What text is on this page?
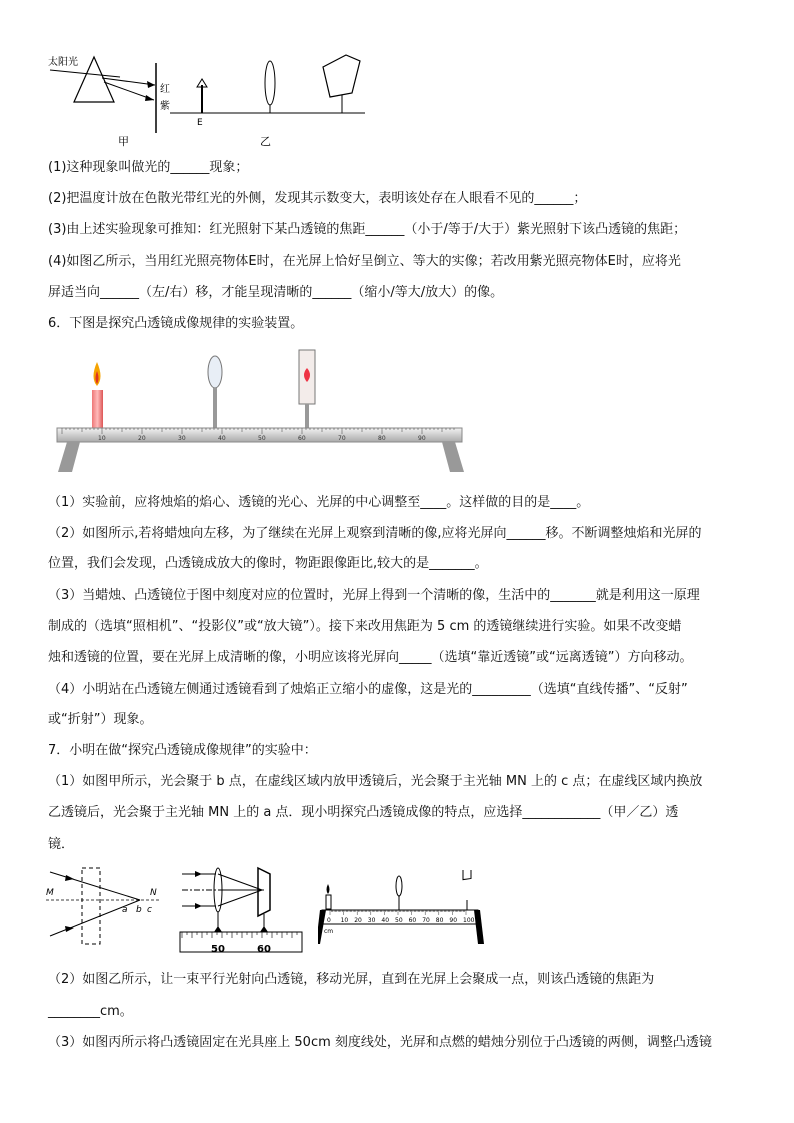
太阳光
红
紫
E
甲	乙
(1)这种现象叫做光的______现象；
(2)把温度计放在色散光带红光的外侧，发现其示数变大，表明该处存在人眼看不见的______；
(3)由上述实验现象可推知：红光照射下某凸透镜的焦距______（小于/等于/大于）紫光照射下该凸透镜的焦距；
(4)如图乙所示，当用红光照亮物体E时，在光屏上恰好呈倒立、等大的实像；若改用紫光照亮物体E时，应将光
屏适当向______（左/右）移，才能呈现清晰的______（缩小/等大/放大）的像。
6．下图是探究凸透镜成像规律的实验装置。
10	20	30	40	50	60	70	80	90
（1）实验前，应将烛焰的焰心、透镜的光心、光屏的中心调整至____。这样做的目的是____。
（2）如图所示,若将蜡烛向左移，为了继续在光屏上观察到清晰的像,应将光屏向______移。不断调整烛焰和光屏的
位置，我们会发现，凸透镜成放大的像时，物距跟像距比,较大的是_______。
（3）当蜡烛、凸透镜位于图中刻度对应的位置时，光屏上得到一个清晰的像，生活中的_______就是利用这一原理
制成的（选填“照相机”、“投影仪”或“放大镜”）。接下来改用焦距为 5 cm 的透镜继续进行实验。如果不改变蜡
烛和透镜的位置，要在光屏上成清晰的像，小明应该将光屏向_____（选填“靠近透镜”或“远离透镜”）方向移动。
（4）小明站在凸透镜左侧通过透镜看到了烛焰正立缩小的虚像，这是光的_________（选填“直线传播”、“反射”
或“折射”）现象。
7．小明在做“探究凸透镜成像规律”的实验中：
（1）如图甲所示，光会聚于 b 点，在虚线区域内放甲透镜后，光会聚于主光轴 MN 上的 c 点；在虚线区域内换放
乙透镜后，光会聚于主光轴 MN 上的 a 点．现小明探究凸透镜成像的特点，应选择____________（甲／乙）透
镜．
M	N
a b c
50	60
0 10 20 30 40 50 60 70 80 90 100
cm
（2）如图乙所示，让一束平行光射向凸透镜，移动光屏，直到在光屏上会聚成一点，则该凸透镜的焦距为
________cm。
（3）如图丙所示将凸透镜固定在光具座上 50cm 刻度线处，光屏和点燃的蜡烛分别位于凸透镜的两侧，调整凸透镜
